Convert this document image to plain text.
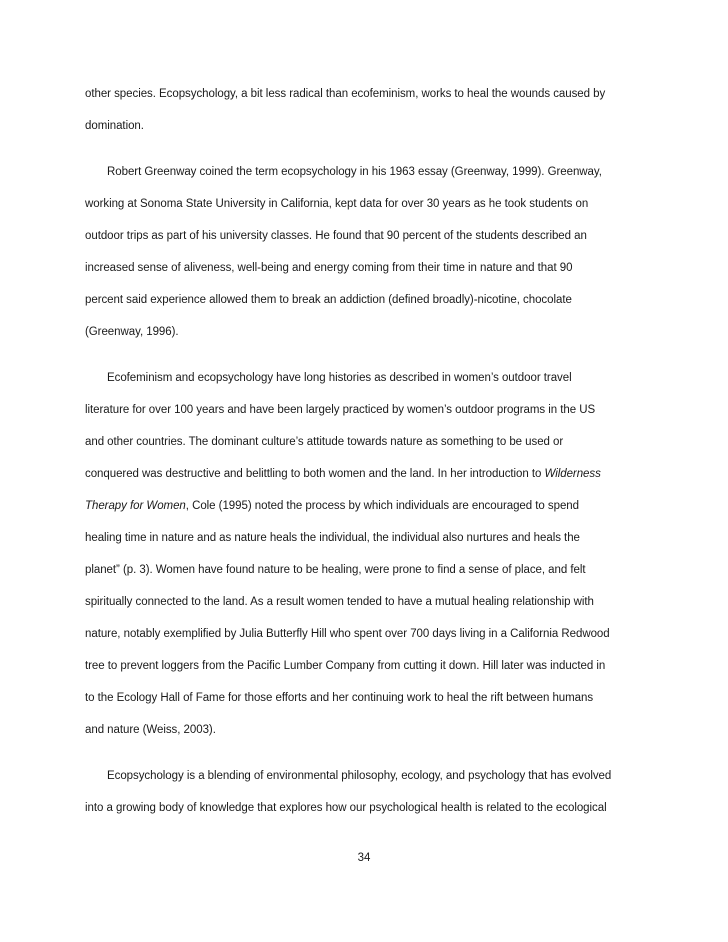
other species. Ecopsychology, a bit less radical than ecofeminism, works to heal the wounds caused by
domination.
Robert Greenway coined the term ecopsychology in his 1963 essay (Greenway, 1999). Greenway,
working at Sonoma State University in California, kept data for over 30 years as he took students on
outdoor trips as part of his university classes. He found that 90 percent of the students described an
increased sense of aliveness, well-being and energy coming from their time in nature and that 90
percent said experience allowed them to break an addiction (defined broadly)-nicotine, chocolate
(Greenway, 1996).
Ecofeminism and ecopsychology have long histories as described in women’s outdoor travel
literature for over 100 years and have been largely practiced by women’s outdoor programs in the US
and other countries. The dominant culture’s attitude towards nature as something to be used or
conquered was destructive and belittling to both women and the land. In her introduction to Wilderness
Therapy for Women, Cole (1995) noted the process by which individuals are encouraged to spend
healing time in nature and as nature heals the individual, the individual also nurtures and heals the
planet” (p. 3). Women have found nature to be healing, were prone to find a sense of place, and felt
spiritually connected to the land. As a result women tended to have a mutual healing relationship with
nature, notably exemplified by Julia Butterfly Hill who spent over 700 days living in a California Redwood
tree to prevent loggers from the Pacific Lumber Company from cutting it down. Hill later was inducted in
to the Ecology Hall of Fame for those efforts and her continuing work to heal the rift between humans
and nature (Weiss, 2003).
Ecopsychology is a blending of environmental philosophy, ecology, and psychology that has evolved
into a growing body of knowledge that explores how our psychological health is related to the ecological
34
